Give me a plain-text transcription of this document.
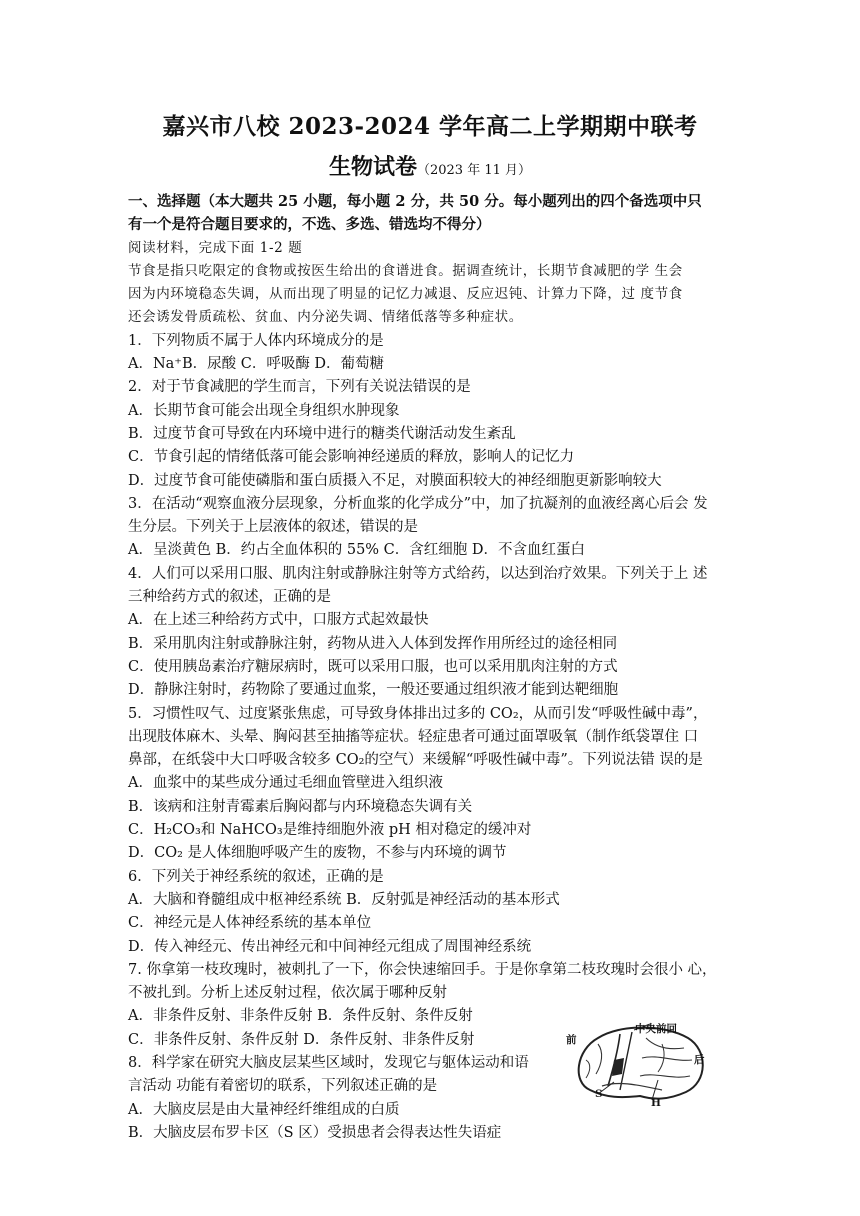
嘉兴市八校 2023-2024 学年高二上学期期中联考
生物试卷（2023 年 11 月）

一、选择题（本大题共 25 小题，每小题 2 分，共 50 分。每小题列出的四个备选项中只

有一个是符合题目要求的，不选、多选、错选均不得分）

阅读材料，完成下面 1-2 题

节食是指只吃限定的食物或按医生给出的食谱进食。据调查统计，长期节食减肥的学 生会

因为内环境稳态失调，从而出现了明显的记忆力减退、反应迟钝、计算力下降，过 度节食

还会诱发骨质疏松、贫血、内分泌失调、情绪低落等多种症状。

1．下列物质不属于人体内环境成分的是

A．Na⁺B．尿酸 C．呼吸酶 D．葡萄糖

2．对于节食减肥的学生而言，下列有关说法错误的是

A．长期节食可能会出现全身组织水肿现象

B．过度节食可导致在内环境中进行的糖类代谢活动发生紊乱

C．节食引起的情绪低落可能会影响神经递质的释放，影响人的记忆力

D．过度节食可能使磷脂和蛋白质摄入不足，对膜面积较大的神经细胞更新影响较大

3．在活动“观察血液分层现象，分析血浆的化学成分”中，加了抗凝剂的血液经离心后会 发

生分层。下列关于上层液体的叙述，错误的是

A．呈淡黄色 B．约占全血体积的 55% C．含红细胞 D．不含血红蛋白

4．人们可以采用口服、肌肉注射或静脉注射等方式给药，以达到治疗效果。下列关于上 述

三种给药方式的叙述，正确的是

A．在上述三种给药方式中，口服方式起效最快

B．采用肌肉注射或静脉注射，药物从进入人体到发挥作用所经过的途径相同

C．使用胰岛素治疗糖尿病时，既可以采用口服，也可以采用肌肉注射的方式

D．静脉注射时，药物除了要通过血浆，一般还要通过组织液才能到达靶细胞

5．习惯性叹气、过度紧张焦虑，可导致身体排出过多的 CO₂，从而引发“呼吸性碱中毒”，

出现肢体麻木、头晕、胸闷甚至抽搐等症状。轻症患者可通过面罩吸氧（制作纸袋罩住 口

鼻部，在纸袋中大口呼吸含较多 CO₂的空气）来缓解“呼吸性碱中毒”。下列说法错 误的是

A．血浆中的某些成分通过毛细血管壁进入组织液

B．该病和注射青霉素后胸闷都与内环境稳态失调有关

C．H₂CO₃和 NaHCO₃是维持细胞外液 pH 相对稳定的缓冲对

D．CO₂ 是人体细胞呼吸产生的废物，不参与内环境的调节

6．下列关于神经系统的叙述，正确的是

A．大脑和脊髓组成中枢神经系统 B．反射弧是神经活动的基本形式

C．神经元是人体神经系统的基本单位

D．传入神经元、传出神经元和中间神经元组成了周围神经系统

7. 你拿第一枝玫瑰时，被刺扎了一下，你会快速缩回手。于是你拿第二枝玫瑰时会很小 心，

不被扎到。分析上述反射过程，依次属于哪种反射

A．非条件反射、非条件反射 B．条件反射、条件反射

C．非条件反射、条件反射 D．条件反射、非条件反射

8．科学家在研究大脑皮层某些区域时，发现它与躯体运动和语

言活动 功能有着密切的联系，下列叙述正确的是

A．大脑皮层是由大量神经纤维组成的白质

B．大脑皮层布罗卡区（S 区）受损患者会得表达性失语症

中央前回
前
后
S
H
